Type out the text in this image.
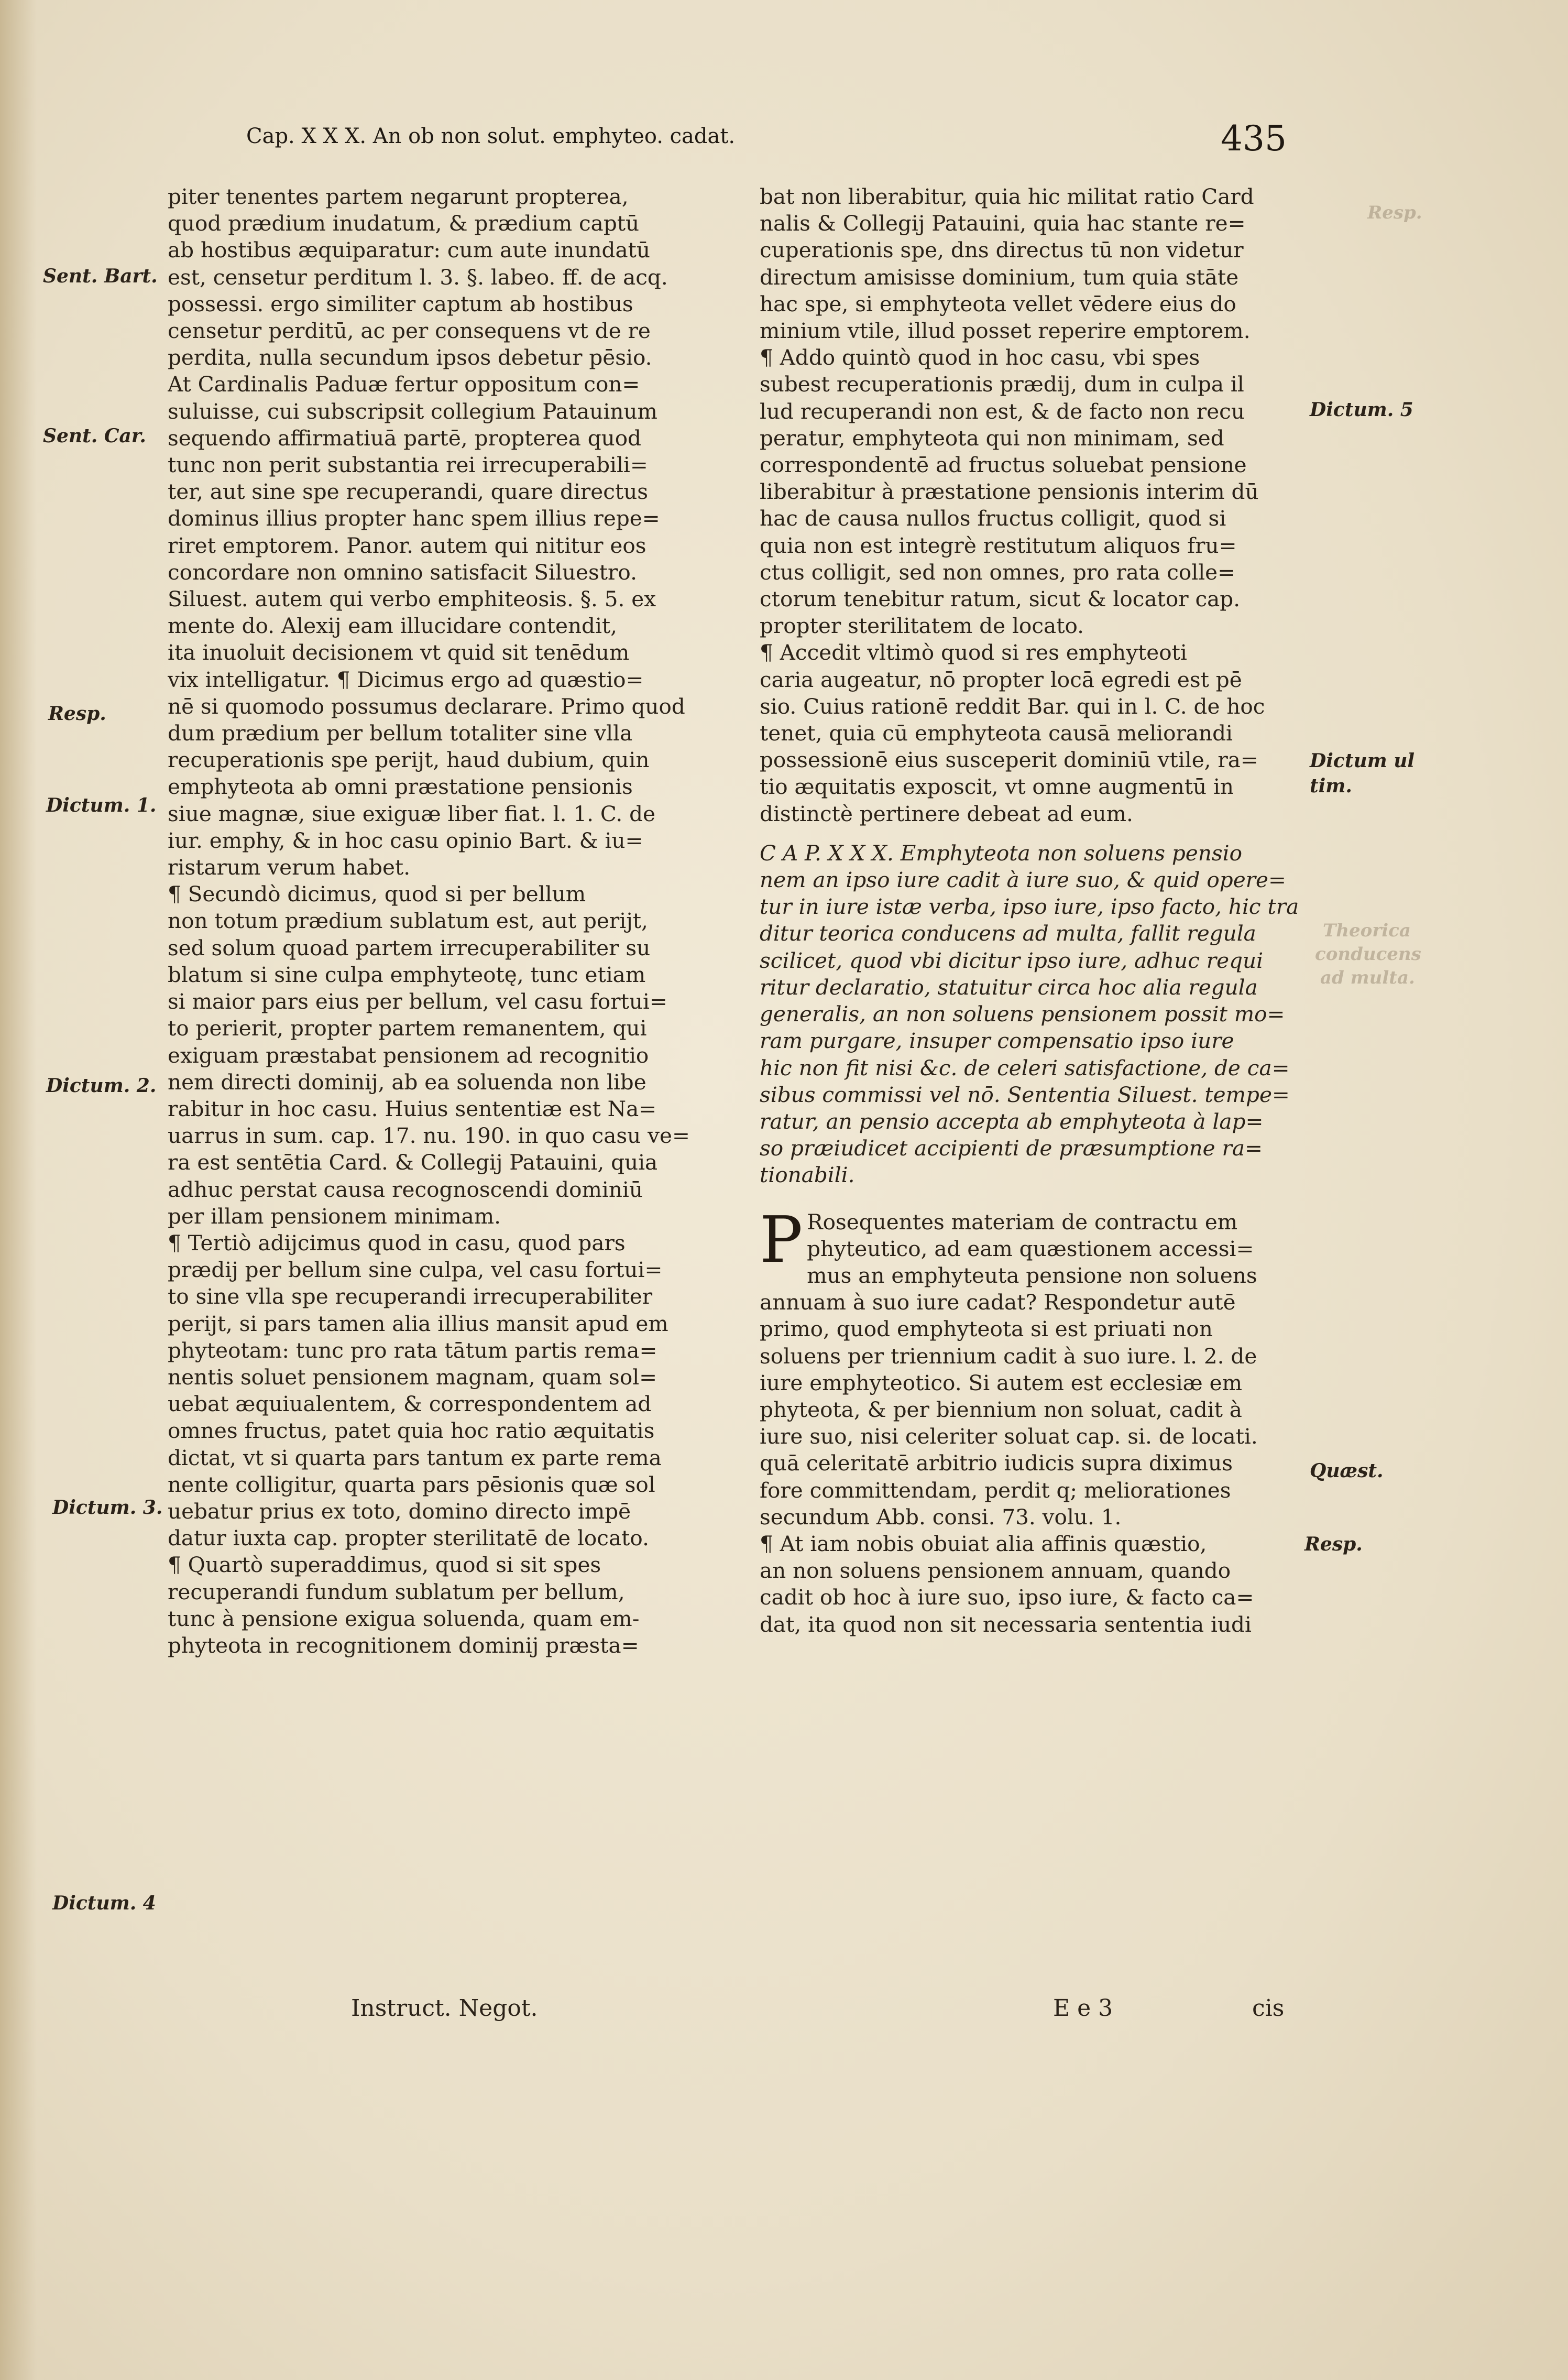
Cap. X X X. An ob non solut. emphyteo. cadat.	435
piter tenentes partem negarunt propterea,
quod prædium inudatum, & prædium captū
ab hostibus æquiparatur: cum aute inundatū
est, censetur perditum l. 3. §. labeo. ff. de acq.
possessi. ergo similiter captum ab hostibus
censetur perditū, ac per consequens vt de re
perdita, nulla secundum ipsos debetur pēsio.
At Cardinalis Paduæ fertur oppositum con=
suluisse, cui subscripsit collegium Patauinum
sequendo affirmatiuā partē, propterea quod
tunc non perit substantia rei irrecuperabili=
ter, aut sine spe recuperandi, quare directus
dominus illius propter hanc spem illius repe=
riret emptorem. Panor. autem qui nititur eos
concordare non omnino satisfacit Siluestro.
Siluest. autem qui verbo emphiteosis. §. 5. ex
mente do. Alexij eam illucidare contendit,
ita inuoluit decisionem vt quid sit tenēdum
vix intelligatur. ¶ Dicimus ergo ad quæstio=
nē si quomodo possumus declarare. Primo quod
dum prædium per bellum totaliter sine vlla
recuperationis spe perijt, haud dubium, quin
emphyteota ab omni præstatione pensionis
siue magnæ, siue exiguæ liber fiat. l. 1. C. de
iur. emphy, & in hoc casu opinio Bart. & iu=
ristarum verum habet.
¶ Secundò dicimus, quod si per bellum
non totum prædium sublatum est, aut perijt,
sed solum quoad partem irrecuperabiliter su
blatum si sine culpa emphyteotę, tunc etiam
si maior pars eius per bellum, vel casu fortui=
to perierit, propter partem remanentem, qui
exiguam præstabat pensionem ad recognitio
nem directi dominij, ab ea soluenda non libe
rabitur in hoc casu. Huius sententiæ est Na=
uarrus in sum. cap. 17. nu. 190. in quo casu ve=
ra est sentētia Card. & Collegij Patauini, quia
adhuc perstat causa recognoscendi dominiū
per illam pensionem minimam.
¶ Tertiò adijcimus quod in casu, quod pars
prædij per bellum sine culpa, vel casu fortui=
to sine vlla spe recuperandi irrecuperabiliter
perijt, si pars tamen alia illius mansit apud em
phyteotam: tunc pro rata tātum partis rema=
nentis soluet pensionem magnam, quam sol=
uebat æquiualentem, & correspondentem ad
omnes fructus, patet quia hoc ratio æquitatis
dictat, vt si quarta pars tantum ex parte rema
nente colligitur, quarta pars pēsionis quæ sol
uebatur prius ex toto, domino directo impē
datur iuxta cap. propter sterilitatē de locato.
¶ Quartò superaddimus, quod si sit spes
recuperandi fundum sublatum per bellum,
tunc à pensione exigua soluenda, quam em-
phyteota in recognitionem dominij præsta=
bat non liberabitur, quia hic militat ratio Card
nalis & Collegij Patauini, quia hac stante re=
cuperationis spe, dns directus tū non videtur
directum amisisse dominium, tum quia stāte
hac spe, si emphyteota vellet vēdere eius do
minium vtile, illud posset reperire emptorem.
¶ Addo quintò quod in hoc casu, vbi spes
subest recuperationis prædij, dum in culpa il
lud recuperandi non est, & de facto non recu
peratur, emphyteota qui non minimam, sed
correspondentē ad fructus soluebat pensione
liberabitur à præstatione pensionis interim dū
hac de causa nullos fructus colligit, quod si
quia non est integrè restitutum aliquos fru=
ctus colligit, sed non omnes, pro rata colle=
ctorum tenebitur ratum, sicut & locator cap.
propter sterilitatem de locato.
¶ Accedit vltimò quod si res emphyteoti
caria augeatur, nō propter locā egredi est pē
sio. Cuius rationē reddit Bar. qui in l. C. de hoc
tenet, quia cū emphyteota causā meliorandi
possessionē eius susceperit dominiū vtile, ra=
tio æquitatis exposcit, vt omne augmentū in
distinctè pertinere debeat ad eum.
C A P. X X X. Emphyteota non soluens pensio
nem an ipso iure cadit à iure suo, & quid opere=
tur in iure istæ verba, ipso iure, ipso facto, hic tra
ditur teorica conducens ad multa, fallit regula
scilicet, quod vbi dicitur ipso iure, adhuc requi
ritur declaratio, statuitur circa hoc alia regula
generalis, an non soluens pensionem possit mo=
ram purgare, insuper compensatio ipso iure
hic non fit nisi &c. de celeri satisfactione, de ca=
sibus commissi vel nō. Sententia Siluest. tempe=
ratur, an pensio accepta ab emphyteota à lap=
so præiudicet accipienti de præsumptione ra=
tionabili.
P Rosequentes materiam de contractu em
phyteutico, ad eam quæstionem accessi=
mus an emphyteuta pensione non soluens
annuam à suo iure cadat? Respondetur autē
primo, quod emphyteota si est priuati non
soluens per triennium cadit à suo iure. l. 2. de
iure emphyteotico. Si autem est ecclesiæ em
phyteota, & per biennium non soluat, cadit à
iure suo, nisi celeriter soluat cap. si. de locati.
quā celeritatē arbitrio iudicis supra diximus
fore committendam, perdit q; meliorationes
secundum Abb. consi. 73. volu. 1.
¶ At iam nobis obuiat alia affinis quæstio,
an non soluens pensionem annuam, quando
cadit ob hoc à iure suo, ipso iure, & facto ca=
dat, ita quod non sit necessaria sententia iudi
Sent. Bart.
Sent. Car.
Resp.
Dictum. 1.
Dictum. 2.
Dictum. 3.
Dictum. 4
Resp.
Dictum. 5
Dictum ul
tim.
Theorica
conducens
ad multa.
Quæst.
Resp.
Instruct. Negot.	E e 3	cis
